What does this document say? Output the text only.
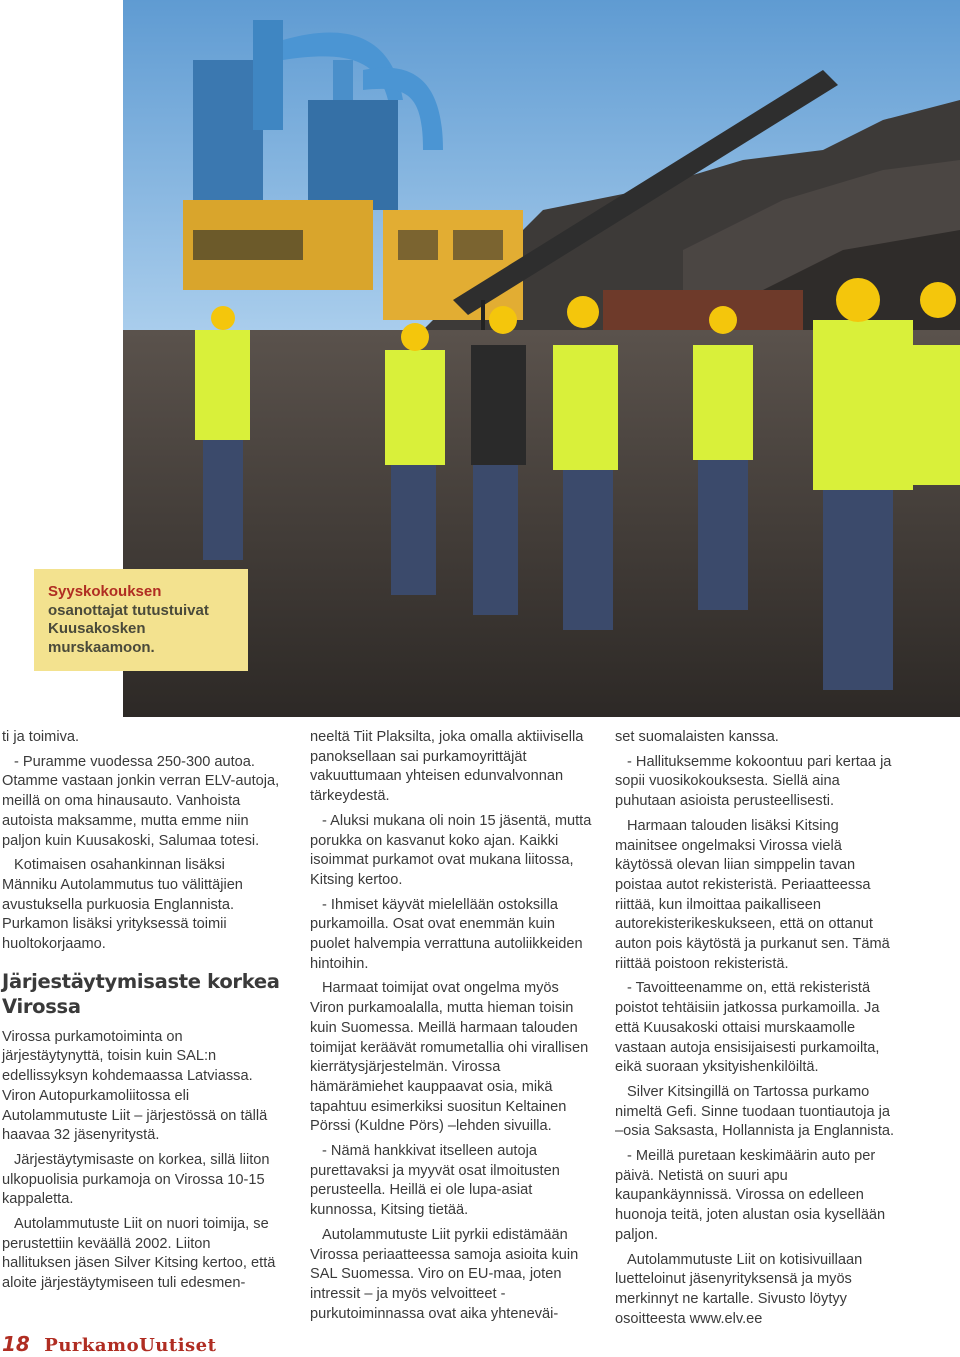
Syyskokouksen
osanottajat tutustuivat Kuusakosken murskaamoon.

ti ja toimiva.

- Puramme vuodessa 250-300 autoa. Otamme vastaan jonkin verran ELV-autoja, meillä on oma hinausauto. Vanhoista autoista maksamme, mutta emme niin paljon kuin Kuusakoski, Salumaa totesi.

Kotimaisen osahankinnan lisäksi Männiku Autolammutus tuo välittäjien avustuksella purkuosia Englannista. Purkamon lisäksi yrityksessä toimii huoltokorjaamo.

Järjestäytymisaste korkea Virossa

Virossa purkamotoiminta on järjestäytynyttä, toisin kuin SAL:n edellissyksyn kohdemaassa Latviassa. Viron Autopurkamoliitossa eli Autolammutuste Liit – järjestössä on tällä haavaa 32 jäsenyritystä.

Järjestäytymisaste on korkea, sillä liiton ulkopuolisia purkamoja on Virossa 10-15 kappaletta.

Autolammutuste Liit on nuori toimija, se perustettiin keväällä 2002. Liiton hallituksen jäsen Silver Kitsing kertoo, että aloite järjestäytymiseen tuli edesmen-

neeltä Tiit Plaksilta, joka omalla aktiivisella panoksellaan sai purkamoyrittäjät vakuuttumaan yhteisen edunvalvonnan tärkeydestä.

- Aluksi mukana oli noin 15 jäsentä, mutta porukka on kasvanut koko ajan. Kaikki isoimmat purkamot ovat mukana liitossa, Kitsing kertoo.

- Ihmiset käyvät mielellään ostoksilla purkamoilla. Osat ovat enemmän kuin puolet halvempia verrattuna autoliikkeiden hintoihin.

Harmaat toimijat ovat ongelma myös Viron purkamoalalla, mutta hieman toisin kuin Suomessa. Meillä harmaan talouden toimijat keräävät romumetallia ohi virallisen kierrätysjärjestelmän. Virossa hämärämiehet kauppaavat osia, mikä tapahtuu esimerkiksi suositun Keltainen Pörssi (Kuldne Pörs) –lehden sivuilla.

- Nämä hankkivat itselleen autoja purettavaksi ja myyvät osat ilmoitusten perusteella. Heillä ei ole lupa-asiat kunnossa, Kitsing tietää.

Autolammutuste Liit pyrkii edistämään Virossa periaatteessa samoja asioita kuin SAL Suomessa. Viro on EU-maa, joten intressit – ja myös velvoitteet - purkutoiminnassa ovat aika yhteneväi-

set suomalaisten kanssa.

- Hallituksemme kokoontuu pari kertaa ja sopii vuosikokouksesta. Siellä aina puhutaan asioista perusteellisesti.

Harmaan talouden lisäksi Kitsing mainitsee ongelmaksi Virossa vielä käytössä olevan liian simppelin tavan poistaa autot rekisteristä. Periaatteessa riittää, kun ilmoittaa paikalliseen autorekisterikeskukseen, että on ottanut auton pois käytöstä ja purkanut sen. Tämä riittää poistoon rekisteristä.

- Tavoitteenamme on, että rekisteristä poistot tehtäisiin jatkossa purkamoilla. Ja että Kuusakoski ottaisi murskaamolle vastaan autoja ensisijaisesti purkamoilta, eikä suoraan yksityishenkilöiltä.

Silver Kitsingillä on Tartossa purkamo nimeltä Gefi. Sinne tuodaan tuontiautoja ja –osia Saksasta, Hollannista ja Englannista.

- Meillä puretaan keskimäärin auto per päivä. Netistä on suuri apu kaupankäynnissä. Virossa on edelleen huonoja teitä, joten alustan osia kysellään paljon.

Autolammutuste Liit on kotisivuillaan luetteloinut jäsenyrityksensä ja myös merkinnyt ne kartalle. Sivusto löytyy osoitteesta www.elv.ee

18 PurkamoUutiset
